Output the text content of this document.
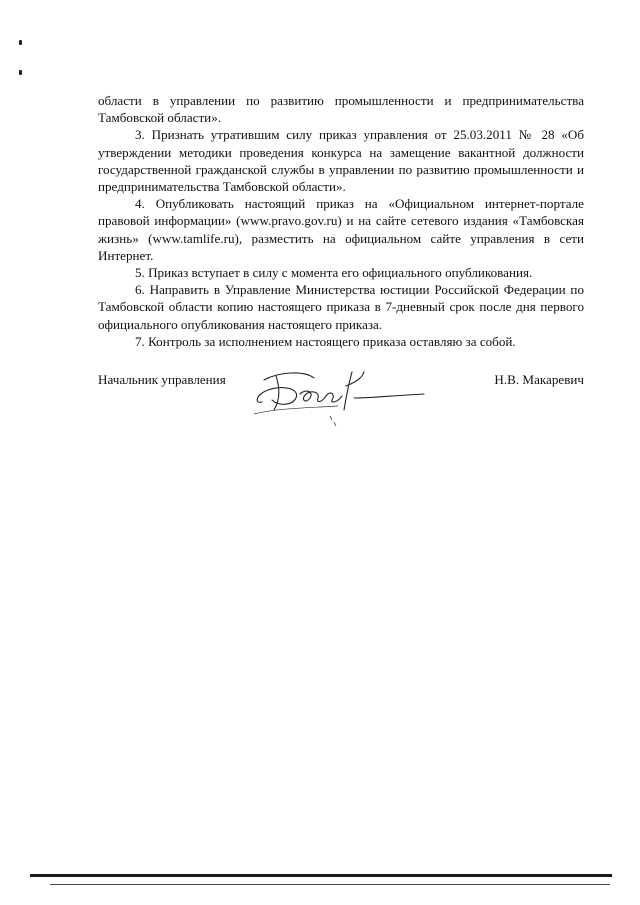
области в управлении по развитию промышленности и предпринимательства Тамбовской области».

3. Признать утратившим силу приказ управления от 25.03.2011 № 28 «Об утверждении методики проведения конкурса на замещение вакантной должности государственной гражданской службы в управлении по развитию промышленности и предпринимательства Тамбовской области».

4. Опубликовать настоящий приказ на «Официальном интернет-портале правовой информации» (www.pravo.gov.ru) и на сайте сетевого издания «Тамбовская жизнь» (www.tamlife.ru), разместить на официальном сайте управления в сети Интернет.

5. Приказ вступает в силу с момента его официального опубликования.

6. Направить в Управление Министерства юстиции Российской Федерации по Тамбовской области копию настоящего приказа в 7-дневный срок после дня первого официального опубликования настоящего приказа.

7. Контроль за исполнением настоящего приказа оставляю за собой.

Начальник управления	Н.В. Макаревич
